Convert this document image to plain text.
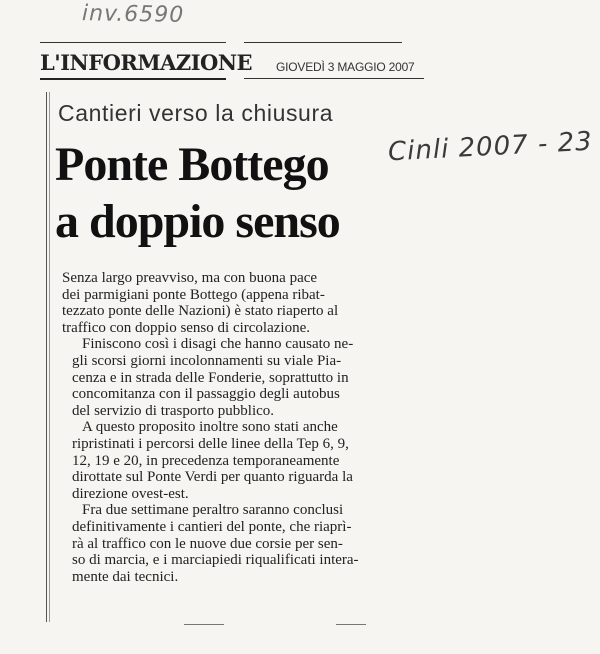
inv.6590
Cinli 2007 - 23
L'INFORMAZIONE GIOVEDÌ 3 MAGGIO 2007
Cantieri verso la chiusura
Ponte Bottego
a doppio senso

Senza largo preavviso, ma con buona pace
dei parmigiani ponte Bottego (appena ribat-
tezzato ponte delle Nazioni) è stato riaperto al
traffico con doppio senso di circolazione.

Finiscono così i disagi che hanno causato ne-
gli scorsi giorni incolonnamenti su viale Pia-
cenza e in strada delle Fonderie, soprattutto in
concomitanza con il passaggio degli autobus
del servizio di trasporto pubblico.

A questo proposito inoltre sono stati anche
ripristinati i percorsi delle linee della Tep 6, 9,
12, 19 e 20, in precedenza temporaneamente
dirottate sul Ponte Verdi per quanto riguarda la
direzione ovest-est.

Fra due settimane peraltro saranno conclusi
definitivamente i cantieri del ponte, che riaprì-
rà al traffico con le nuove due corsie per sen-
so di marcia, e i marciapiedi riqualificati intera-
mente dai tecnici.
